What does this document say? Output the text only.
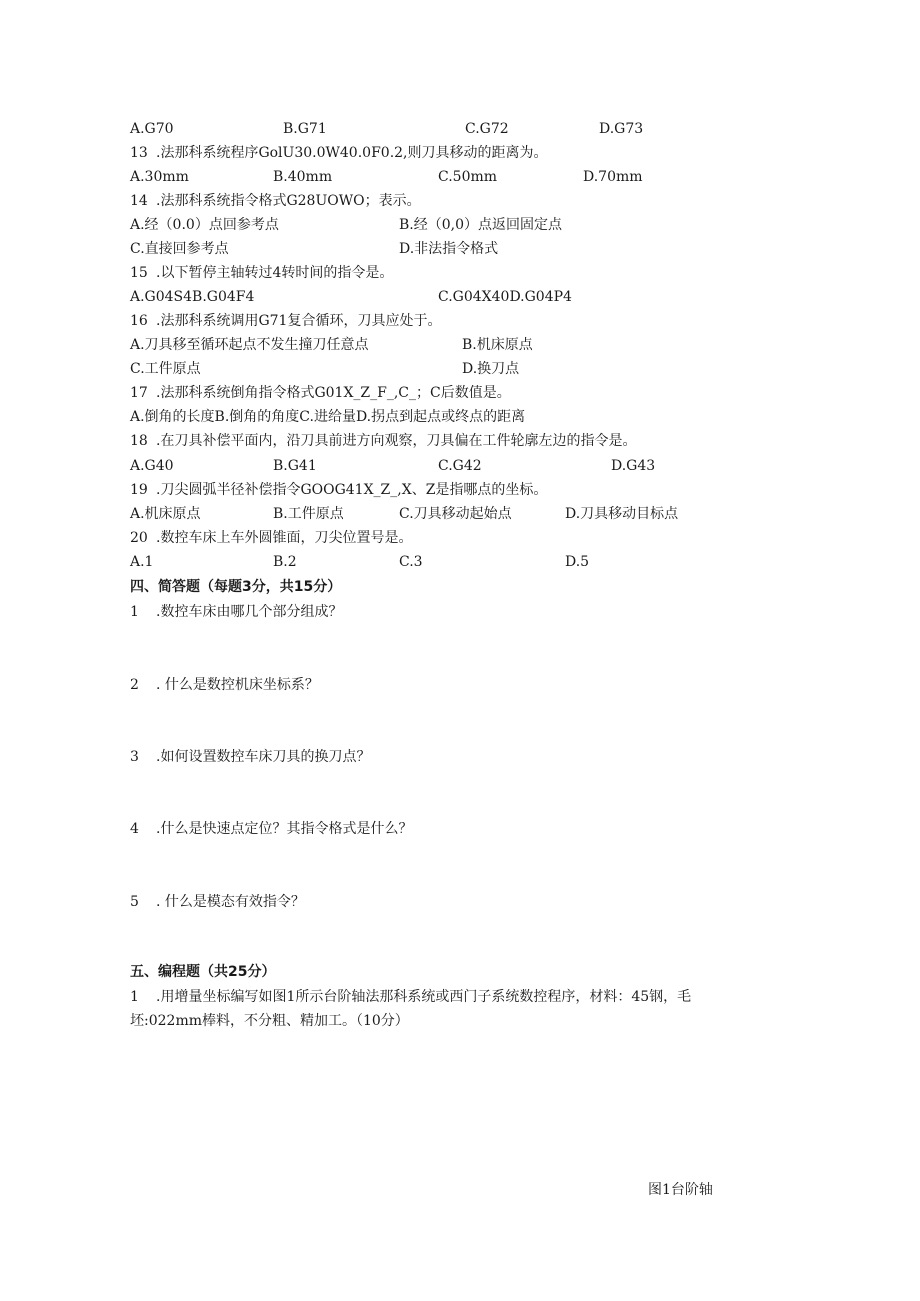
A.G70	B.G71	C.G72	D.G73
13 .法那科系统程序GolU30.0W40.0F0.2,则刀具移动的距离为。
A.30mm	B.40mm	C.50mm	D.70mm
14 .法那科系统指令格式G28UOWO；表示。
A.经（0.0）点回参考点	B.经（0,0）点返回固定点
C.直接回参考点	D.非法指令格式
15 .以下暂停主轴转过4转时间的指令是。
A.G04S4B.G04F4	C.G04X40D.G04P4
16 .法那科系统调用G71复合循环，刀具应处于。
A.刀具移至循环起点不发生撞刀任意点	B.机床原点
C.工件原点	D.换刀点
17 .法那科系统倒角指令格式G01X_Z_F_,C_；C后数值是。
A.倒角的长度B.倒角的角度C.进给量D.拐点到起点或终点的距离
18 .在刀具补偿平面内，沿刀具前进方向观察，刀具偏在工件轮廓左边的指令是。
A.G40	B.G41	C.G42	D.G43
19 .刀尖圆弧半径补偿指令GOOG41X_Z_,X、Z是指哪点的坐标。
A.机床原点	B.工件原点	C.刀具移动起始点	D.刀具移动目标点
20 .数控车床上车外圆锥面，刀尖位置号是。
A.1	B.2	C.3	D.5
四、简答题（每题3分，共15分）
1 .数控车床由哪几个部分组成？
2 . 什么是数控机床坐标系？
3 .如何设置数控车床刀具的换刀点？
4 .什么是快速点定位？其指令格式是什么？
5 . 什么是模态有效指令？
五、编程题（共25分）
1 .用增量坐标编写如图1所示台阶轴法那科系统或西门子系统数控程序，材料：45钢，毛
坯:022mm棒料，不分粗、精加工。（10分）
图1台阶轴
